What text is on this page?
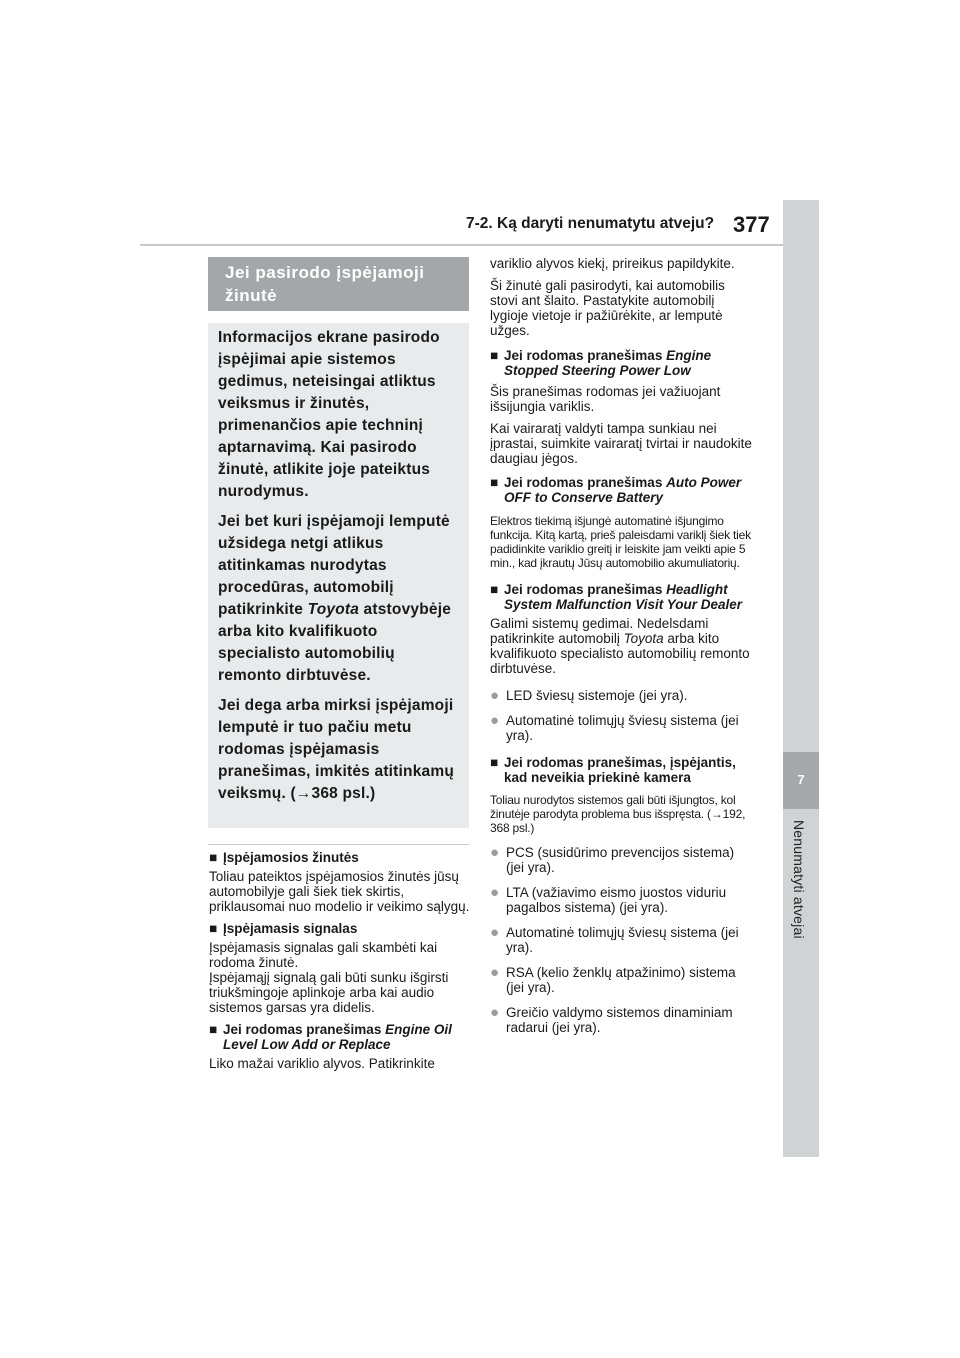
7-2. Ką daryti nenumatytu atveju? 377
7
Nenumatyti atvejai
Jei pasirodo įspėjamoji žinutė

Informacijos ekrane pasirodo įspėjimai apie sistemos gedimus, neteisingai atliktus veiksmus ir žinutės, primenančios apie techninį aptarnavimą. Kai pasirodo žinutė, atlikite joje pateiktus nurodymus.

Jei bet kuri įspėjamoji lemputė užsidega netgi atlikus atitinkamas nurodytas procedūras, automobilį patikrinkite Toyota atstovybėje arba kito kvalifikuoto specialisto automobilių remonto dirbtuvėse.

Jei dega arba mirksi įspėjamoji lemputė ir tuo pačiu metu rodomas įspėjamasis pranešimas, imkitės atitinkamų veiksmų. (→368 psl.)

■ Įspėjamosios žinutės

Toliau pateiktos įspėjamosios žinutės jūsų automobilyje gali šiek tiek skirtis, priklausomai nuo modelio ir veikimo sąlygų.

■ Įspėjamasis signalas

Įspėjamasis signalas gali skambėti kai rodoma žinutė.
Įspėjamąjį signalą gali būti sunku išgirsti triukšmingoje aplinkoje arba kai audio sistemos garsas yra didelis.

■ Jei rodomas pranešimas Engine Oil Level Low Add or Replace

Liko mažai variklio alyvos. Patikrinkite

variklio alyvos kiekį, prireikus papildykite.

Ši žinutė gali pasirodyti, kai automobilis stovi ant šlaito. Pastatykite automobilį lygioje vietoje ir pažiūrėkite, ar lemputė užges.

■ Jei rodomas pranešimas Engine Stopped Steering Power Low

Šis pranešimas rodomas jei važiuojant išsijungia variklis.

Kai vairaratį valdyti tampa sunkiau nei įprastai, suimkite vairaratį tvirtai ir naudokite daugiau jėgos.

■ Jei rodomas pranešimas Auto Power OFF to Conserve Battery

Elektros tiekimą išjungė automatinė išjungimo funkcija. Kitą kartą, prieš paleisdami variklį šiek tiek padidinkite variklio greitį ir leiskite jam veikti apie 5 min., kad įkrautų Jūsų automobilio akumuliatorių.

■ Jei rodomas pranešimas Headlight System Malfunction Visit Your Dealer

Galimi sistemų gedimai. Nedelsdami patikrinkite automobilį Toyota arba kito kvalifikuoto specialisto automobilių remonto dirbtuvėse.

● LED šviesų sistemoje (jei yra).
● Automatinė tolimųjų šviesų sistema (jei yra).
■ Jei rodomas pranešimas, įspėjantis, kad neveikia priekinė kamera

Toliau nurodytos sistemos gali būti išjungtos, kol žinutėje parodyta problema bus išspręsta. (→192, 368 psl.)

● PCS (susidūrimo prevencijos sistema) (jei yra).
● LTA (važiavimo eismo juostos viduriu pagalbos sistema) (jei yra).
● Automatinė tolimųjų šviesų sistema (jei yra).
● RSA (kelio ženklų atpažinimo) sistema (jei yra).
● Greičio valdymo sistemos dinaminiam radarui (jei yra).
